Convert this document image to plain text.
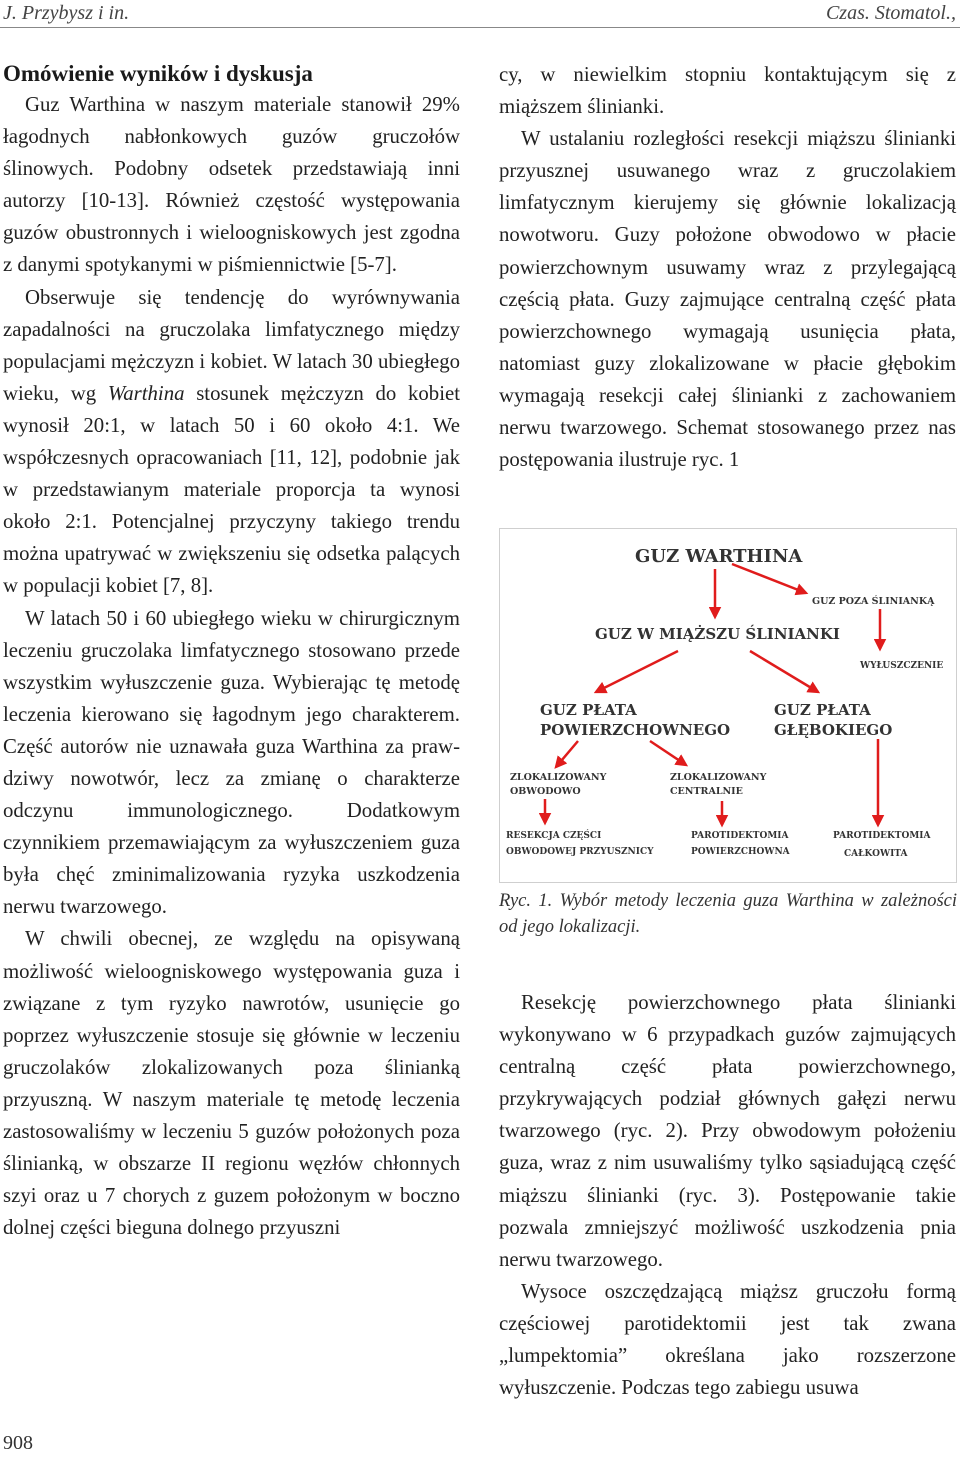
J. Przybysz i in.	Czas. Stomatol.,

Omówienie wyników i dyskusja

Guz Warthina w naszym materiale stanowił 29% łagodnych nabłonkowych guzów gruczołów ślinowych. Podobny odsetek przedstawiają inni autorzy [10-13]. Również częstość występowania guzów obustronnych i wieloogniskowych jest zgodna z danymi spotykanymi w piśmiennictwie [5-7].

Obserwuje się tendencję do wyrównywania zapadalności na gruczolaka limfatycznego między populacjami mężczyzn i kobiet. W latach 30 ubiegłego wieku, wg Warthina stosunek mężczyzn do kobiet wynosił 20:1, w latach 50 i 60 około 4:1. We współczesnych opracowaniach [11, 12], podobnie jak w przedstawianym materiale proporcja ta wynosi około 2:1. Potencjalnej przyczyny takiego trendu można upatrywać w zwiększeniu się odsetka palących w populacji kobiet [7, 8].

W latach 50 i 60 ubiegłego wieku w chirurgicznym leczeniu gruczolaka limfatycznego stosowano przede wszystkim wyłuszczenie guza. Wybierając tę metodę leczenia kierowano się łagodnym jego charakterem. Część autorów nie uznawała guza Warthina za prawdziwy nowotwór, lecz za zmianę o charakterze odczynu immunologicznego. Dodatkowym czynnikiem przemawiającym za wyłuszczeniem guza była chęć zminimalizowania ryzyka uszkodzenia nerwu twarzowego.

W chwili obecnej, ze względu na opisywaną możliwość wieloogniskowego występowania guza i związane z tym ryzyko nawrotów, usunięcie go poprzez wyłuszczenie stosuje się głównie w leczeniu gruczolaków zlokalizowanych poza ślinianką przyuszną. W naszym materiale tę metodę leczenia zastosowaliśmy w leczeniu 5 guzów położonych poza ślinianką, w obszarze II regionu węzłów chłonnych szyi oraz u 7 chorych z guzem położonym w boczno dolnej części bieguna dolnego przyuszni

cy, w niewielkim stopniu kontaktującym się z miąższem ślinianki.

W ustalaniu rozległości resekcji miąższu ślinianki przyusznej usuwanego wraz z gruczolakiem limfatycznym kierujemy się głównie lokalizacją nowotworu. Guzy położone obwodowo w płacie powierzchownym usuwamy wraz z przylegającą częścią płata. Guzy zajmujące centralną część płata powierzchownego wymagają usunięcia płata, natomiast guzy zlokalizowane w płacie głębokim wymagają resekcji całej ślinianki z zachowaniem nerwu twarzowego. Schemat stosowanego przez nas postępowania ilustruje ryc. 1

GUZ WARTHINA
GUZ POZA ŚLINIANKĄ
WYŁUSZCZENIE
GUZ W MIĄŻSZU ŚLINIANKI
GUZ PŁATA
POWIERZCHOWNEGO
GUZ PŁATA
GŁĘBOKIEGO
ZLOKALIZOWANY
OBWODOWO
ZLOKALIZOWANY
CENTRALNIE
RESEKCJA CZĘŚCI
OBWODOWEJ PRZYUSZNICY
PAROTIDEKTOMIA
POWIERZCHOWNA
PAROTIDEKTOMIA
CAŁKOWITA
Ryc. 1. Wybór metody leczenia guza Warthina w zależności od jego lokalizacji.

Resekcję powierzchownego płata ślinianki wykonywano w 6 przypadkach guzów zajmujących centralną część płata powierzchownego, przykrywających podział głównych gałęzi nerwu twarzowego (ryc. 2). Przy obwodowym położeniu guza, wraz z nim usuwaliśmy tylko sąsiadującą część miąższu ślinianki (ryc. 3). Postępowanie takie pozwala zmniejszyć możliwość uszkodzenia pnia nerwu twarzowego.

Wysoce oszczędzającą miąższ gruczołu formą częściowej parotidektomii jest tak zwana „lumpektomia” określana jako rozszerzone wyłuszczenie. Podczas tego zabiegu usuwa

908
